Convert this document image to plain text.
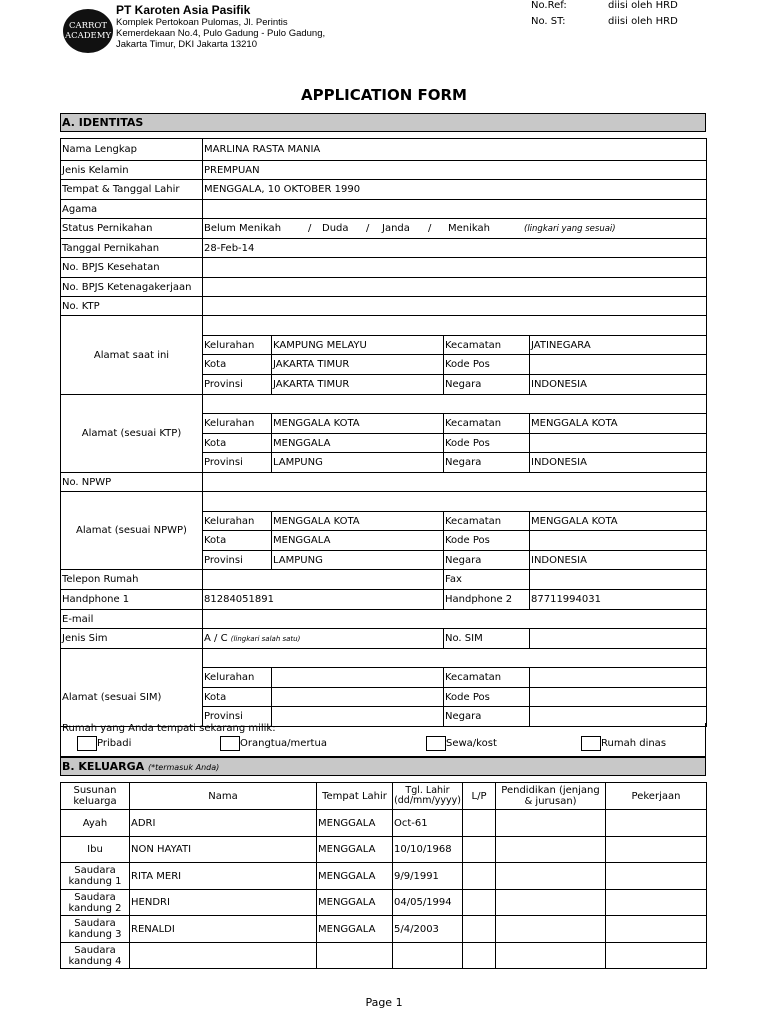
CARROT ACADEMY
PT Karoten Asia Pasifik
Komplek Pertokoan Pulomas, Jl. Perintis
Kemerdekaan No.4, Pulo Gadung - Pulo Gadung,
Jakarta Timur, DKI Jakarta 13210
No.Ref:	diisi oleh HRD
No. ST:	diisi oleh HRD
APPLICATION FORM
A. IDENTITAS
Nama Lengkap	MARLINA RASTA MANIA			
Jenis Kelamin	PREMPUAN			
Tempat & Tanggal Lahir	MENGGALA, 10 OKTOBER 1990			
Agama				
Status Pernikahan	Belum Menikah / Duda / Janda / Menikah (lingkari yang sesuai)			
Tanggal Pernikahan	28-Feb-14			
No. BPJS Kesehatan				
No. BPJS Ketenagakerjaan				
No. KTP				
Alamat saat ini				
	Kelurahan	KAMPUNG MELAYU	Kecamatan	JATINEGARA
	Kota	JAKARTA TIMUR	Kode Pos	
	Provinsi	JAKARTA TIMUR	Negara	INDONESIA
Alamat (sesuai KTP)				
	Kelurahan	MENGGALA KOTA	Kecamatan	MENGGALA KOTA
	Kota	MENGGALA	Kode Pos	
	Provinsi	LAMPUNG	Negara	INDONESIA
No. NPWP				
Alamat (sesuai NPWP)				
	Kelurahan	MENGGALA KOTA	Kecamatan	MENGGALA KOTA
	Kota	MENGGALA	Kode Pos	
	Provinsi	LAMPUNG	Negara	INDONESIA
Telepon Rumah			Fax	
Handphone 1	81284051891		Handphone 2	87711994031
E-mail				
Jenis Sim	A / C (lingkari salah satu)		No. SIM	
Alamat (sesuai SIM)				
	Kelurahan		Kecamatan	
	Kota		Kode Pos	
	Provinsi		Negara	
Rumah yang Anda tempati sekarang milik:
Pribadi	Orangtua/mertua	Sewa/kost	Rumah dinas
B. KELUARGA (*termasuk Anda)
Susunan keluarga	Nama	Tempat Lahir	Tgl. Lahir (dd/mm/yyyy)	L/P	Pendidikan (jenjang & jurusan)	Pekerjaan
Ayah	ADRI	MENGGALA	Oct-61			
Ibu	NON HAYATI	MENGGALA	10/10/1968			
Saudara kandung 1	RITA MERI	MENGGALA	9/9/1991			
Saudara kandung 2	HENDRI	MENGGALA	04/05/1994			
Saudara kandung 3	RENALDI	MENGGALA	5/4/2003			
Saudara kandung 4						
Page 1
